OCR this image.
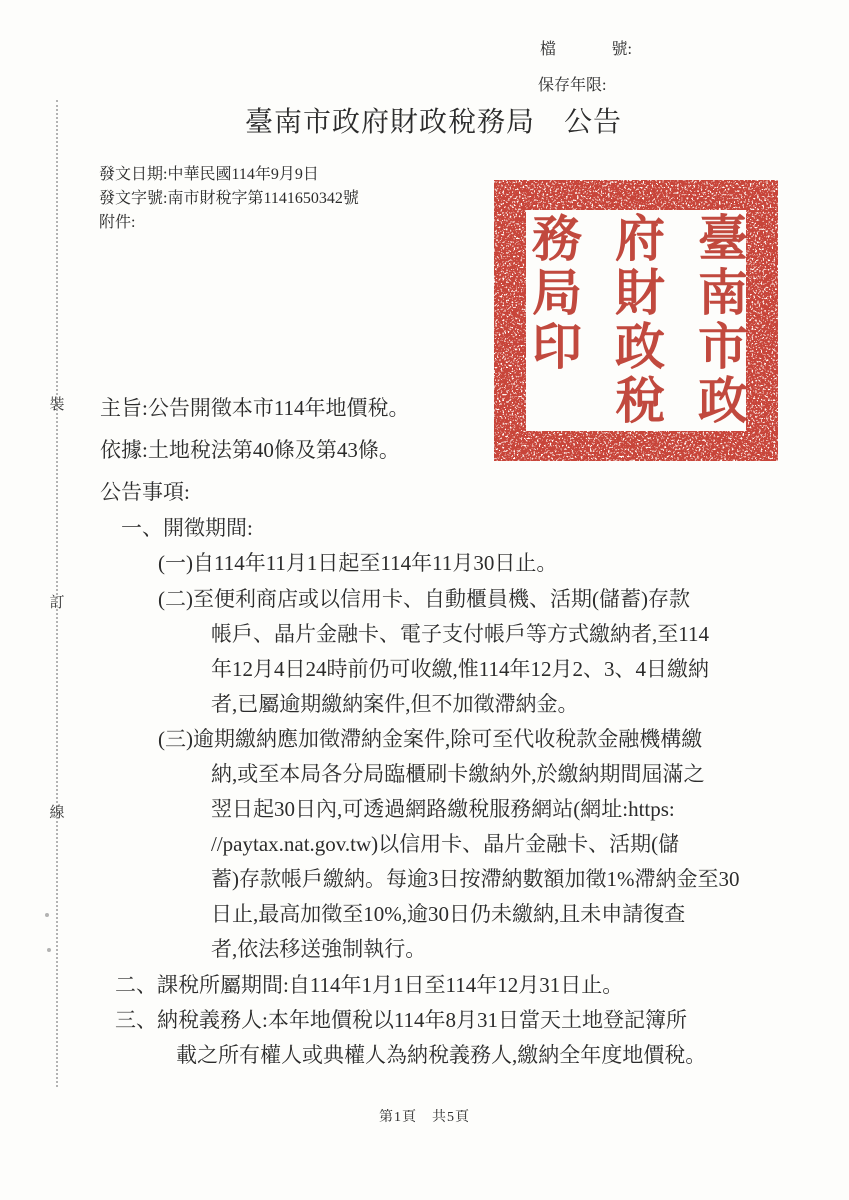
檔	號:
保存年限:
臺南市政府財政稅務局　公告
發文日期:中華民國114年9月9日
發文字號:南市財稅字第1141650342號
附件:	臺南市政
府財政稅
務局印
裝
訂
線
主旨:公告開徵本市114年地價稅。
依據:土地稅法第40條及第43條。
公告事項:
一、開徵期間:
(一)自114年11月1日起至114年11月30日止。
(二)至便利商店或以信用卡、自動櫃員機、活期(儲蓄)存款
帳戶、晶片金融卡、電子支付帳戶等方式繳納者,至114
年12月4日24時前仍可收繳,惟114年12月2、3、4日繳納
者,已屬逾期繳納案件,但不加徵滯納金。
(三)逾期繳納應加徵滯納金案件,除可至代收稅款金融機構繳
納,或至本局各分局臨櫃刷卡繳納外,於繳納期間屆滿之
翌日起30日內,可透過網路繳稅服務網站(網址:https:
//paytax.nat.gov.tw)以信用卡、晶片金融卡、活期(儲
蓄)存款帳戶繳納。每逾3日按滯納數額加徵1%滯納金至30
日止,最高加徵至10%,逾30日仍未繳納,且未申請復查
者,依法移送強制執行。
二、課稅所屬期間:自114年1月1日至114年12月31日止。
三、納稅義務人:本年地價稅以114年8月31日當天土地登記簿所
載之所有權人或典權人為納稅義務人,繳納全年度地價稅。
第1頁　共5頁
